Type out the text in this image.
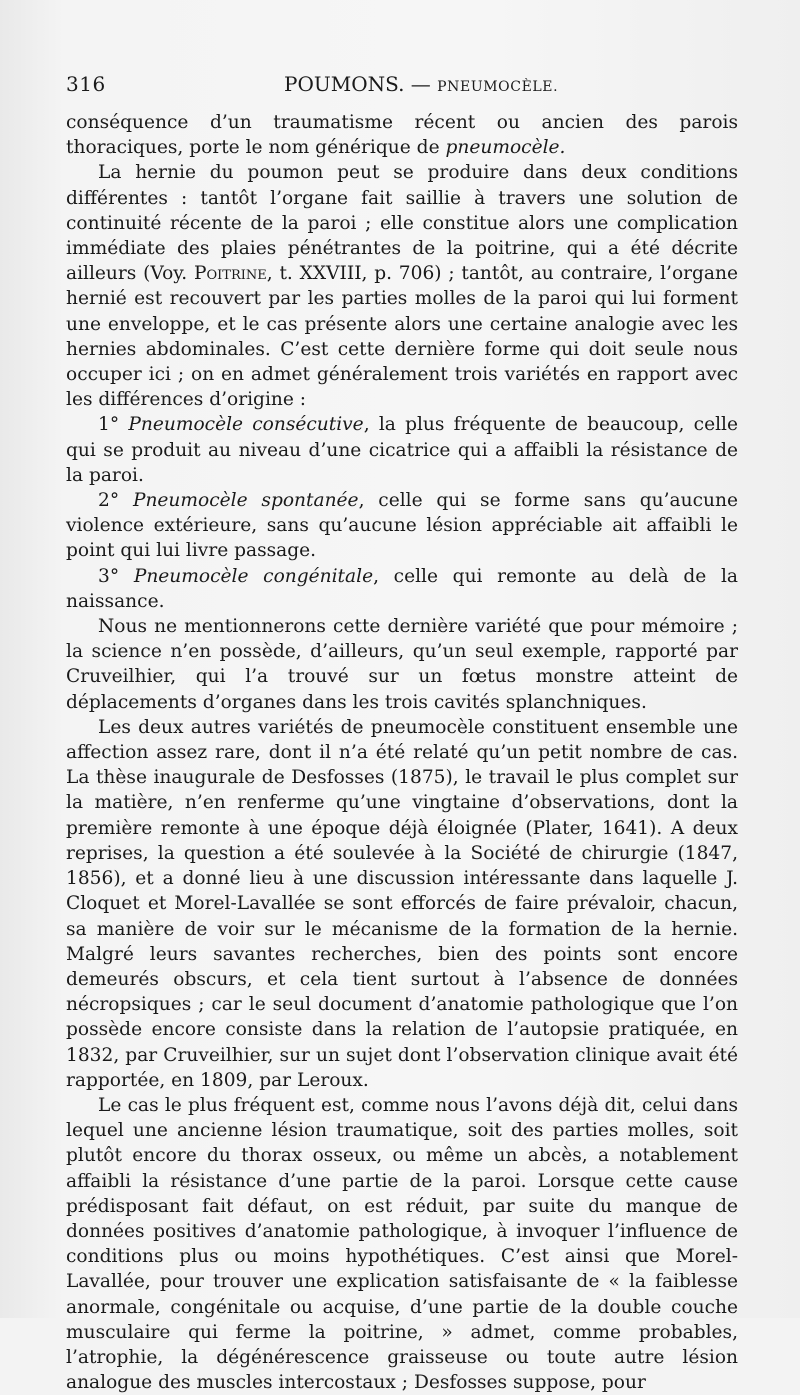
316	POUMONS. — PNEUMOCÈLE.

conséquence d’un traumatisme récent ou ancien des parois thoraciques, porte le nom générique de pneumocèle.

La hernie du poumon peut se produire dans deux conditions différentes : tantôt l’organe fait saillie à travers une solution de continuité récente de la paroi ; elle constitue alors une complication immédiate des plaies pénétrantes de la poitrine, qui a été décrite ailleurs (Voy. Poitrine, t. XXVIII, p. 706) ; tantôt, au contraire, l’organe hernié est recouvert par les parties molles de la paroi qui lui forment une enveloppe, et le cas présente alors une certaine analogie avec les hernies abdominales. C’est cette dernière forme qui doit seule nous occuper ici ; on en admet généralement trois variétés en rapport avec les différences d’origine :

1° Pneumocèle consécutive, la plus fréquente de beaucoup, celle qui se produit au niveau d’une cicatrice qui a affaibli la résistance de la paroi.

2° Pneumocèle spontanée, celle qui se forme sans qu’aucune violence extérieure, sans qu’aucune lésion appréciable ait affaibli le point qui lui livre passage.

3° Pneumocèle congénitale, celle qui remonte au delà de la naissance.

Nous ne mentionnerons cette dernière variété que pour mémoire ; la science n’en possède, d’ailleurs, qu’un seul exemple, rapporté par Cruveilhier, qui l’a trouvé sur un fœtus monstre atteint de déplacements d’organes dans les trois cavités splanchniques.

Les deux autres variétés de pneumocèle constituent ensemble une affection assez rare, dont il n’a été relaté qu’un petit nombre de cas. La thèse inaugurale de Desfosses (1875), le travail le plus complet sur la matière, n’en renferme qu’une vingtaine d’observations, dont la première remonte à une époque déjà éloignée (Plater, 1641). A deux reprises, la question a été soulevée à la Société de chirurgie (1847, 1856), et a donné lieu à une discussion intéressante dans laquelle J. Cloquet et Morel-Lavallée se sont efforcés de faire prévaloir, chacun, sa manière de voir sur le mécanisme de la formation de la hernie. Malgré leurs savantes recherches, bien des points sont encore demeurés obscurs, et cela tient surtout à l’absence de données nécropsiques ; car le seul document d’anatomie pathologique que l’on possède encore consiste dans la relation de l’autopsie pratiquée, en 1832, par Cruveilhier, sur un sujet dont l’observation clinique avait été rapportée, en 1809, par Leroux.

Le cas le plus fréquent est, comme nous l’avons déjà dit, celui dans lequel une ancienne lésion traumatique, soit des parties molles, soit plutôt encore du thorax osseux, ou même un abcès, a notablement affaibli la résistance d’une partie de la paroi. Lorsque cette cause prédisposant fait défaut, on est réduit, par suite du manque de données positives d’anatomie pathologique, à invoquer l’influence de conditions plus ou moins hypothétiques. C’est ainsi que Morel-Lavallée, pour trouver une explication satisfaisante de « la faiblesse anormale, congénitale ou acquise, d’une partie de la double couche musculaire qui ferme la poitrine, » admet, comme probables, l’atrophie, la dégénérescence graisseuse ou toute autre lésion analogue des muscles intercostaux ; Desfosses suppose, pour
